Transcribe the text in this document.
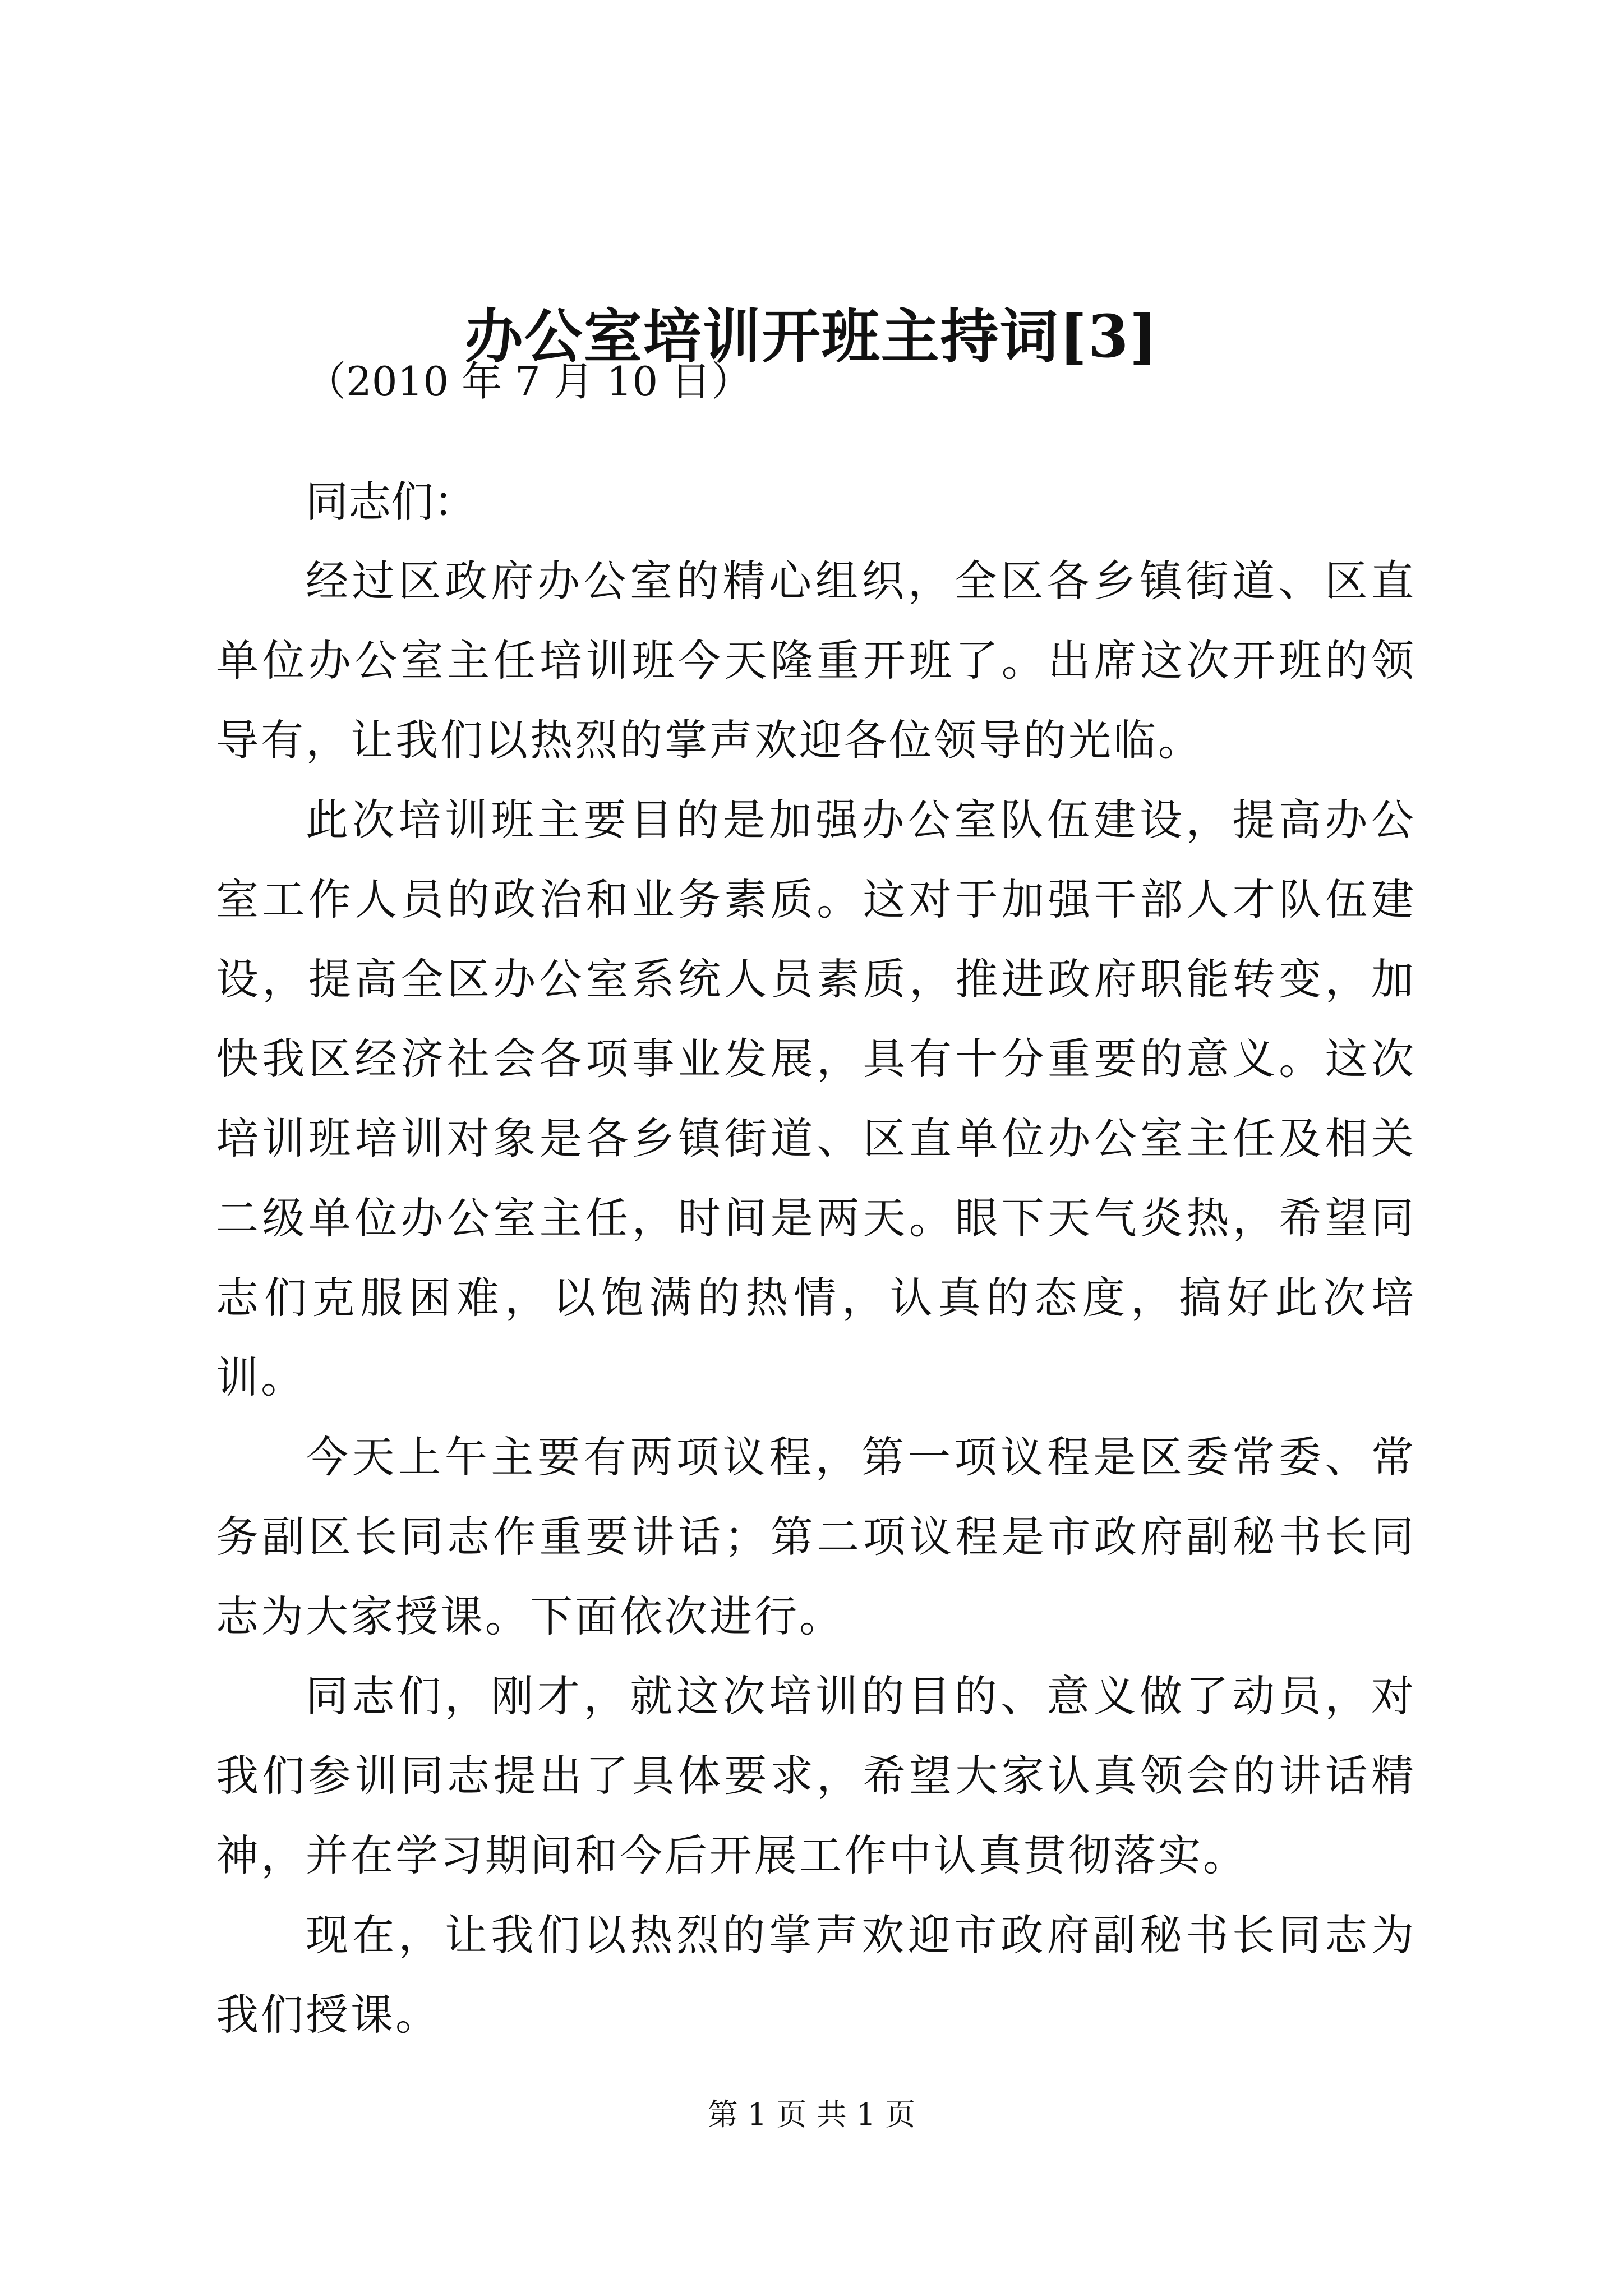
办公室培训开班主持词[3]
（2010 年 7 月 10 日）
同志们：

经过区政府办公室的精心组织，全区各乡镇街道、区直单位办公室主任培训班今天隆重开班了。出席这次开班的领导有，让我们以热烈的掌声欢迎各位领导的光临。

此次培训班主要目的是加强办公室队伍建设，提高办公室工作人员的政治和业务素质。这对于加强干部人才队伍建设，提高全区办公室系统人员素质，推进政府职能转变，加快我区经济社会各项事业发展，具有十分重要的意义。这次培训班培训对象是各乡镇街道、区直单位办公室主任及相关二级单位办公室主任，时间是两天。眼下天气炎热，希望同志们克服困难，以饱满的热情，认真的态度，搞好此次培训。

今天上午主要有两项议程，第一项议程是区委常委、常务副区长同志作重要讲话；第二项议程是市政府副秘书长同志为大家授课。下面依次进行。

同志们，刚才，就这次培训的目的、意义做了动员，对我们参训同志提出了具体要求，希望大家认真领会的讲话精神，并在学习期间和今后开展工作中认真贯彻落实。

现在，让我们以热烈的掌声欢迎市政府副秘书长同志为我们授课。

第 1 页 共 1 页
